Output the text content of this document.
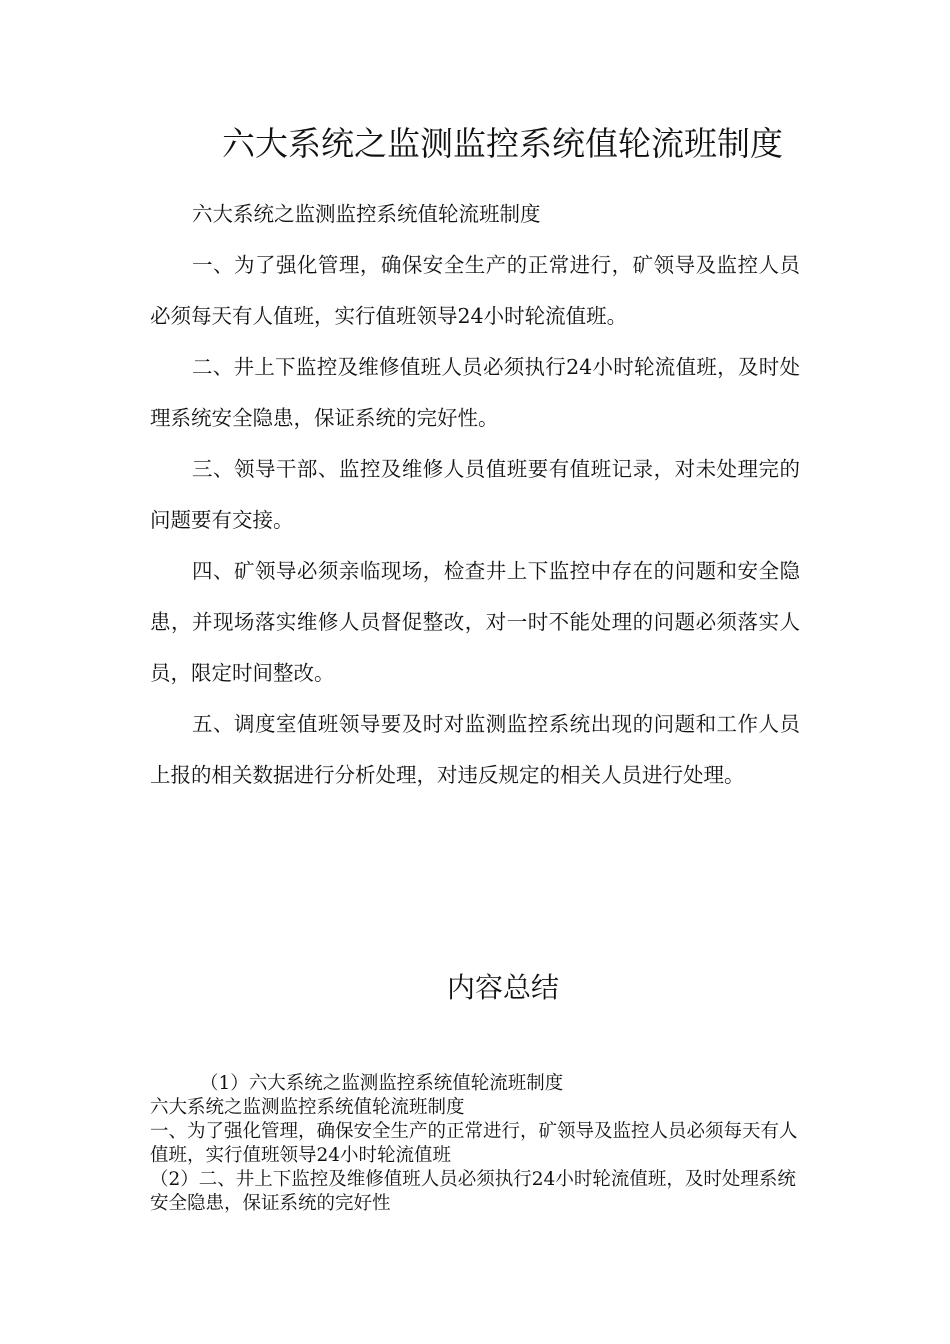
六大系统之监测监控系统值轮流班制度

六大系统之监测监控系统值轮流班制度

一、为了强化管理，确保安全生产的正常进行，矿领导及监控人员必须每天有人值班，实行值班领导24小时轮流值班。

二、井上下监控及维修值班人员必须执行24小时轮流值班，及时处理系统安全隐患，保证系统的完好性。

三、领导干部、监控及维修人员值班要有值班记录，对未处理完的问题要有交接。

四、矿领导必须亲临现场，检查井上下监控中存在的问题和安全隐患，并现场落实维修人员督促整改，对一时不能处理的问题必须落实人员，限定时间整改。

五、调度室值班领导要及时对监测监控系统出现的问题和工作人员上报的相关数据进行分析处理，对违反规定的相关人员进行处理。

内容总结

（1）六大系统之监测监控系统值轮流班制度

六大系统之监测监控系统值轮流班制度

一、为了强化管理，确保安全生产的正常进行，矿领导及监控人员必须每天有人值班，实行值班领导24小时轮流值班

（2）二、井上下监控及维修值班人员必须执行24小时轮流值班，及时处理系统安全隐患，保证系统的完好性
